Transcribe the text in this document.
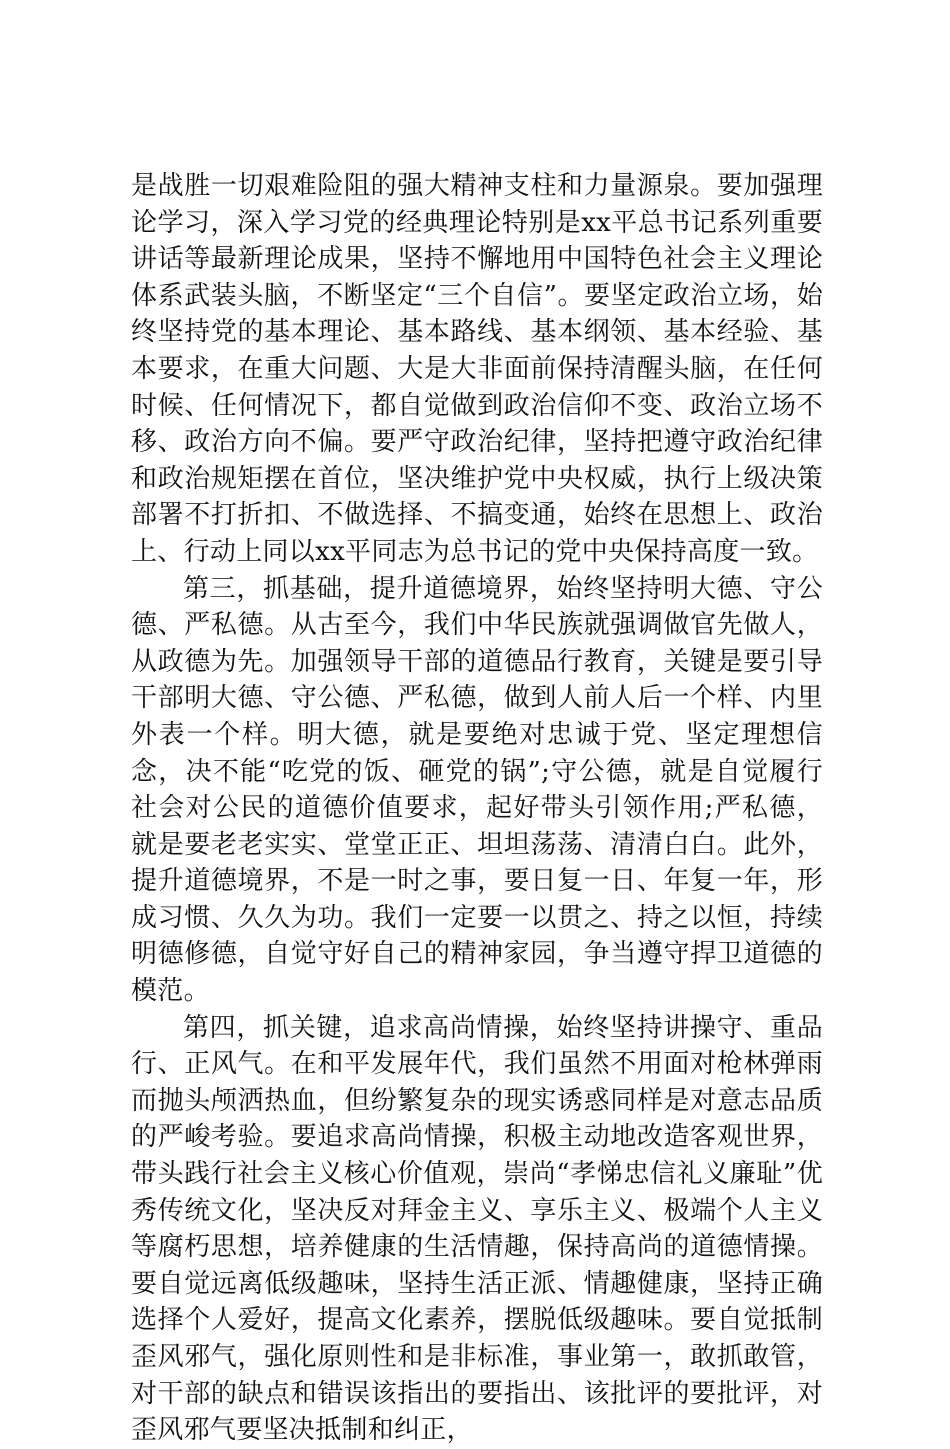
是战胜一切艰难险阻的强大精神支柱和力量源泉。要加强理论学习，深入学习党的经典理论特别是xx平总书记系列重要讲话等最新理论成果，坚持不懈地用中国特色社会主义理论体系武装头脑，不断坚定“三个自信”。要坚定政治立场，始终坚持党的基本理论、基本路线、基本纲领、基本经验、基本要求，在重大问题、大是大非面前保持清醒头脑，在任何时候、任何情况下，都自觉做到政治信仰不变、政治立场不移、政治方向不偏。要严守政治纪律，坚持把遵守政治纪律和政治规矩摆在首位，坚决维护党中央权威，执行上级决策部署不打折扣、不做选择、不搞变通，始终在思想上、政治上、行动上同以xx平同志为总书记的党中央保持高度一致。

第三，抓基础，提升道德境界，始终坚持明大德、守公德、严私德。从古至今，我们中华民族就强调做官先做人，从政德为先。加强领导干部的道德品行教育，关键是要引导干部明大德、守公德、严私德，做到人前人后一个样、内里外表一个样。明大德，就是要绝对忠诚于党、坚定理想信念，决不能“吃党的饭、砸党的锅”;守公德，就是自觉履行社会对公民的道德价值要求，起好带头引领作用;严私德，就是要老老实实、堂堂正正、坦坦荡荡、清清白白。此外，提升道德境界，不是一时之事，要日复一日、年复一年，形成习惯、久久为功。我们一定要一以贯之、持之以恒，持续明德修德，自觉守好自己的精神家园，争当遵守捍卫道德的模范。

第四，抓关键，追求高尚情操，始终坚持讲操守、重品行、正风气。在和平发展年代，我们虽然不用面对枪林弹雨而抛头颅洒热血，但纷繁复杂的现实诱惑同样是对意志品质的严峻考验。要追求高尚情操，积极主动地改造客观世界，带头践行社会主义核心价值观，崇尚“孝悌忠信礼义廉耻”优秀传统文化，坚决反对拜金主义、享乐主义、极端个人主义等腐朽思想，培养健康的生活情趣，保持高尚的道德情操。要自觉远离低级趣味，坚持生活正派、情趣健康，坚持正确选择个人爱好，提高文化素养，摆脱低级趣味。要自觉抵制歪风邪气，强化原则性和是非标准，事业第一，敢抓敢管，对干部的缺点和错误该指出的要指出、该批评的要批评，对歪风邪气要坚决抵制和纠正，
